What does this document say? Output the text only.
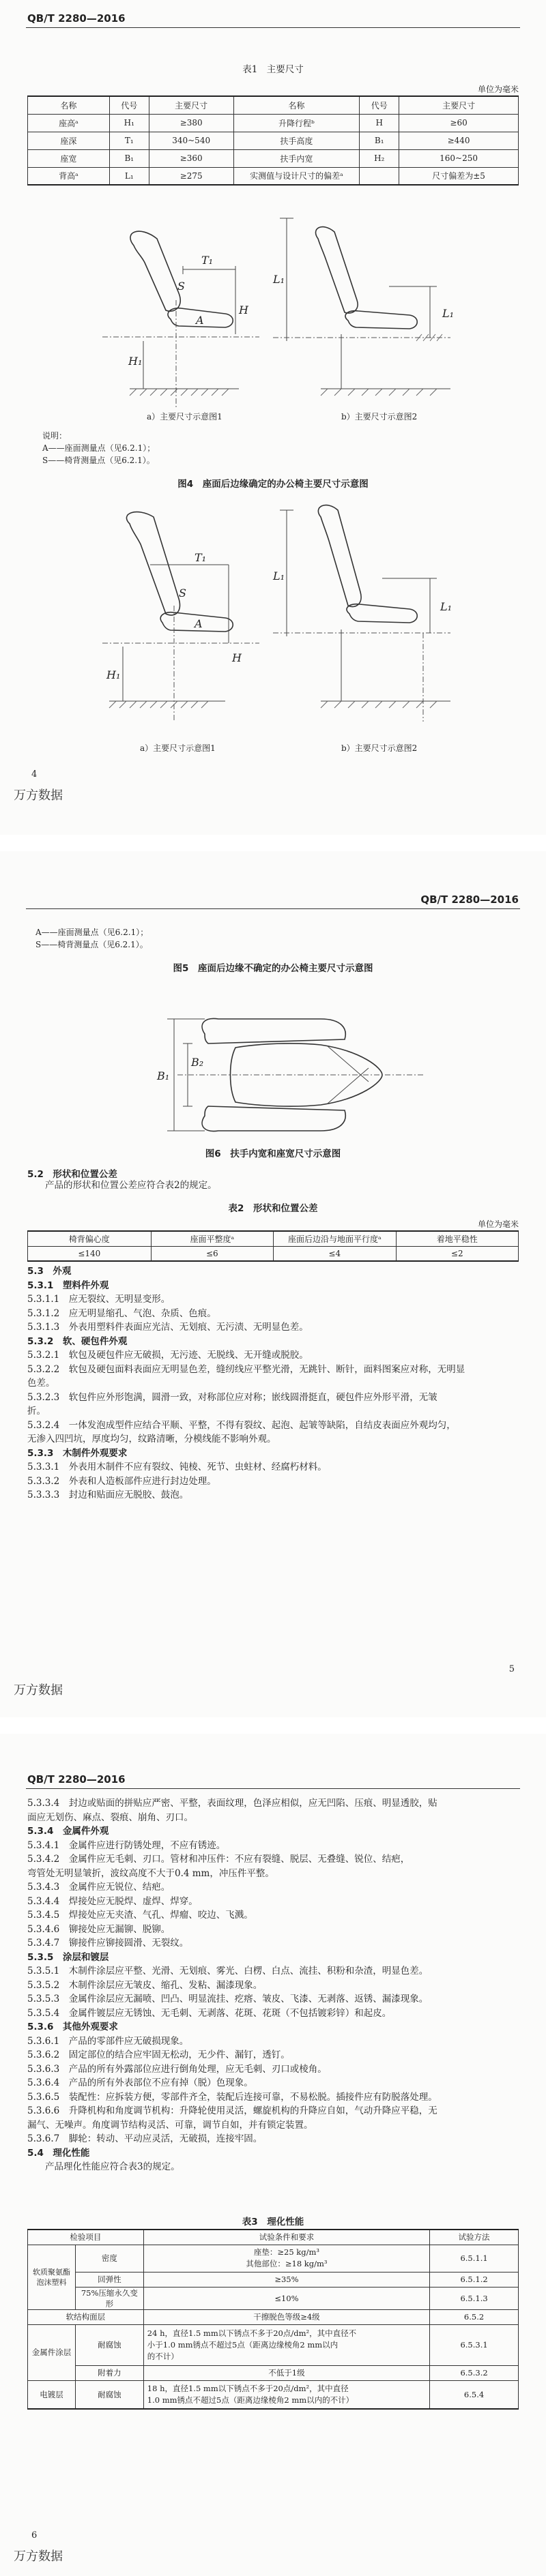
QB/T 2280—2016
表1　主要尺寸
单位为毫米
名称	代号	主要尺寸	名称	代号	主要尺寸
座高ᵃ	H₁	≥380	升降行程ᵇ	H	≥60
座深	T₁	340~540	扶手高度	B₁	≥440
座宽	B₁	≥360	扶手内宽	H₂	160~250
背高ᵃ	L₁	≥275	实测值与设计尺寸的偏差ᵃ		尺寸偏差为±5
T₁
L₁
A
S
H₁
H	L₁
a）主要尺寸示意图1	b）主要尺寸示意图2
说明：
A——座面测量点（见6.2.1）；
S——椅背测量点（见6.2.1）。
图4　座面后边缘确定的办公椅主要尺寸示意图
T₁
L₁
A
S
H₁
H
L₁
a）主要尺寸示意图1	b）主要尺寸示意图2
4
万方数据
QB/T 2280—2016
A——座面测量点（见6.2.1）；
S——椅背测量点（见6.2.1）。
图5　座面后边缘不确定的办公椅主要尺寸示意图
B₁
B₂
图6　扶手内宽和座宽尺寸示意图
5.2　形状和位置公差
产品的形状和位置公差应符合表2的规定。
表2　形状和位置公差
单位为毫米
椅背偏心度	座面平整度ᵃ	座面后边沿与地面平行度ᵃ	着地平稳性
≤140	≤6	≤4	≤2
5.3　外观
5.3.1　塑料件外观
5.3.1.1　应无裂纹、无明显变形。
5.3.1.2　应无明显缩孔、气泡、杂质、色痕。
5.3.1.3　外表用塑料件表面应光洁、无划痕、无污渍、无明显色差。
5.3.2　软、硬包件外观
5.3.2.1　软包及硬包件应无破损，无污迹、无脱线、无开缝或脱胶。
5.3.2.2　软包及硬包面料表面应无明显色差，缝纫线应平整光滑，无跳针、断针，面料图案应对称，无明显
色差。
5.3.2.3　软包件应外形饱满，圆滑一致，对称部位应对称；嵌线圆滑挺直，硬包件应外形平滑，无皱
折。
5.3.2.4　一体发泡成型件应结合平顺、平整，不得有裂纹、起泡、起皱等缺陷，自结皮表面应外观均匀，
无渗入四凹坑，厚度均匀，纹路清晰，分模线能不影响外观。
5.3.3　木制件外观要求
5.3.3.1　外表用木制件不应有裂纹、钝棱、死节、虫蛀材、经腐朽材料。
5.3.3.2　外表和人造板部件应进行封边处理。
5.3.3.3　封边和贴面应无脱胶、鼓泡。
5
万方数据
QB/T 2280—2016
5.3.3.4　封边或贴面的拼贴应严密、平整，表面纹理，色泽应相似，应无凹陷、压痕、明显透胶，贴
面应无划伤、麻点、裂痕、崩角、刃口。
5.3.4　金属件外观
5.3.4.1　金属件应进行防锈处理，不应有锈迹。
5.3.4.2　金属件应无毛刺、刃口。管材和冲压件：不应有裂缝、脱层、无叠缝、锐位、结疤，
弯管处无明显皱折，波纹高度不大于0.4 mm，冲压件平整。
5.3.4.3　金属件应无锐位、结疤。
5.3.4.4　焊接处应无脱焊、虚焊、焊穿。
5.3.4.5　焊接处应无夹渣、气孔、焊瘤、咬边、飞溅。
5.3.4.6　铆接处应无漏铆、脱铆。
5.3.4.7　铆接件应铆接圆滑、无裂纹。
5.3.5　涂层和镀层
5.3.5.1　木制件涂层应平整、光滑、无划痕、雾光、白楞、白点、流挂、积粉和杂渣，明显色差。
5.3.5.2　木制件涂层应无皱皮、缩孔、发粘、漏漆现象。
5.3.5.3　金属件涂层应无漏喷、凹凸、明显流挂、疙瘩、皱皮、飞漆、无剥落、返锈、漏漆现象。
5.3.5.4　金属件镀层应无锈蚀、无毛刺、无剥落、花斑、花斑（不包括镀彩锌）和起皮。
5.3.6　其他外观要求
5.3.6.1　产品的零部件应无破损现象。
5.3.6.2　固定部位的结合应牢固无松动，无少件、漏钉，透钉。
5.3.6.3　产品的所有外露部位应进行倒角处理，应无毛刺、刃口或棱角。
5.3.6.4　产品的所有外表部位不应有掉（脱）色现象。
5.3.6.5　装配性：应拆装方便，零部件齐全，装配后连接可靠，不易松脱。插接件应有防脱落处理。
5.3.6.6　升降机构和角度调节机构：升降轮使用灵活，螺旋机构的升降应自如，气动升降应平稳，无
漏气、无噪声。角度调节结构灵活、可靠，调节自如，并有锁定装置。
5.3.6.7　脚轮：转动、平动应灵活，无破损，连接牢固。
5.4　理化性能
产品理化性能应符合表3的规定。
表3　理化性能
检验项目		试验条件和要求	试验方法
软质聚氨酯泡沫塑料	密度	座垫：≥25 kg/m³
其他部位：≥18 kg/m³	6.5.1.1
	回弹性	≥35%	6.5.1.2
	75%压缩永久变形	≤10%	6.5.1.3
软结构面层		干擦脱色等级≥4级	6.5.2
金属件涂层	耐腐蚀	24 h，直径1.5 mm以下锈点不多于20点/dm²，其中直径不
小于1.0 mm锈点不超过5点（距离边缘棱角2 mm以内
的不计）	6.5.3.1
	附着力	不低于1级	6.5.3.2
电镀层	耐腐蚀	18 h，直径1.5 mm以下锈点不多于20点/dm²，其中直径
1.0 mm锈点不超过5点（距离边缘棱角2 mm以内的不计）	6.5.4
6
万方数据
